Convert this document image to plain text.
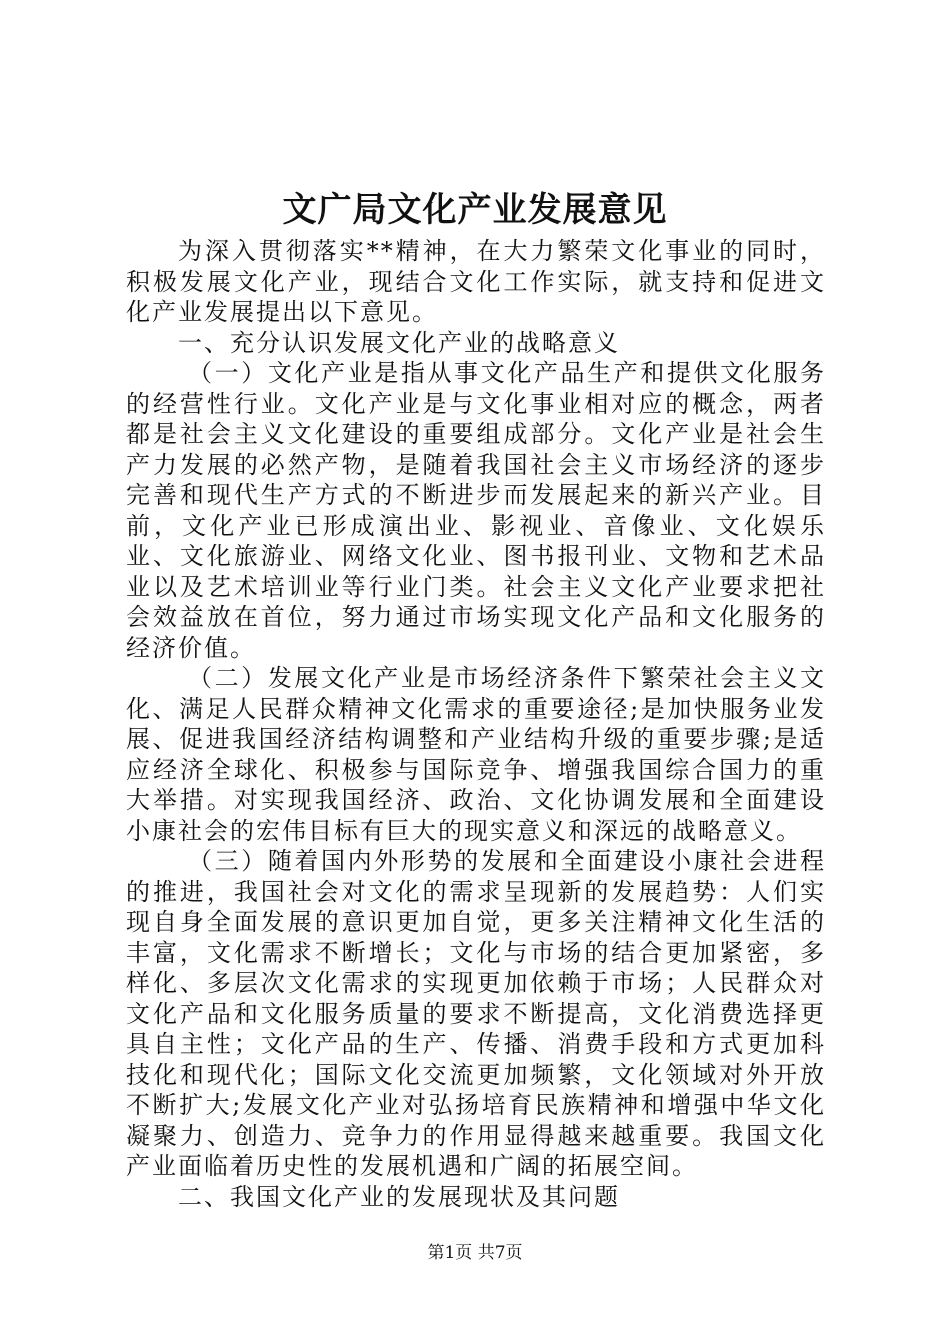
文广局文化产业发展意见

为深入贯彻落实**精神，在大力繁荣文化事业的同时，积极发展文化产业，现结合文化工作实际，就支持和促进文化产业发展提出以下意见。

一、充分认识发展文化产业的战略意义

（一）文化产业是指从事文化产品生产和提供文化服务的经营性行业。文化产业是与文化事业相对应的概念，两者都是社会主义文化建设的重要组成部分。文化产业是社会生产力发展的必然产物，是随着我国社会主义市场经济的逐步完善和现代生产方式的不断进步而发展起来的新兴产业。目前，文化产业已形成演出业、影视业、音像业、文化娱乐业、文化旅游业、网络文化业、图书报刊业、文物和艺术品业以及艺术培训业等行业门类。社会主义文化产业要求把社会效益放在首位，努力通过市场实现文化产品和文化服务的经济价值。

（二）发展文化产业是市场经济条件下繁荣社会主义文化、满足人民群众精神文化需求的重要途径;是加快服务业发展、促进我国经济结构调整和产业结构升级的重要步骤;是适应经济全球化、积极参与国际竞争、增强我国综合国力的重大举措。对实现我国经济、政治、文化协调发展和全面建设小康社会的宏伟目标有巨大的现实意义和深远的战略意义。

（三）随着国内外形势的发展和全面建设小康社会进程的推进，我国社会对文化的需求呈现新的发展趋势：人们实现自身全面发展的意识更加自觉，更多关注精神文化生活的丰富，文化需求不断增长；文化与市场的结合更加紧密，多样化、多层次文化需求的实现更加依赖于市场；人民群众对文化产品和文化服务质量的要求不断提高，文化消费选择更具自主性；文化产品的生产、传播、消费手段和方式更加科技化和现代化；国际文化交流更加频繁，文化领域对外开放不断扩大;发展文化产业对弘扬培育民族精神和增强中华文化凝聚力、创造力、竞争力的作用显得越来越重要。我国文化产业面临着历史性的发展机遇和广阔的拓展空间。

二、我国文化产业的发展现状及其问题

第1页 共7页
